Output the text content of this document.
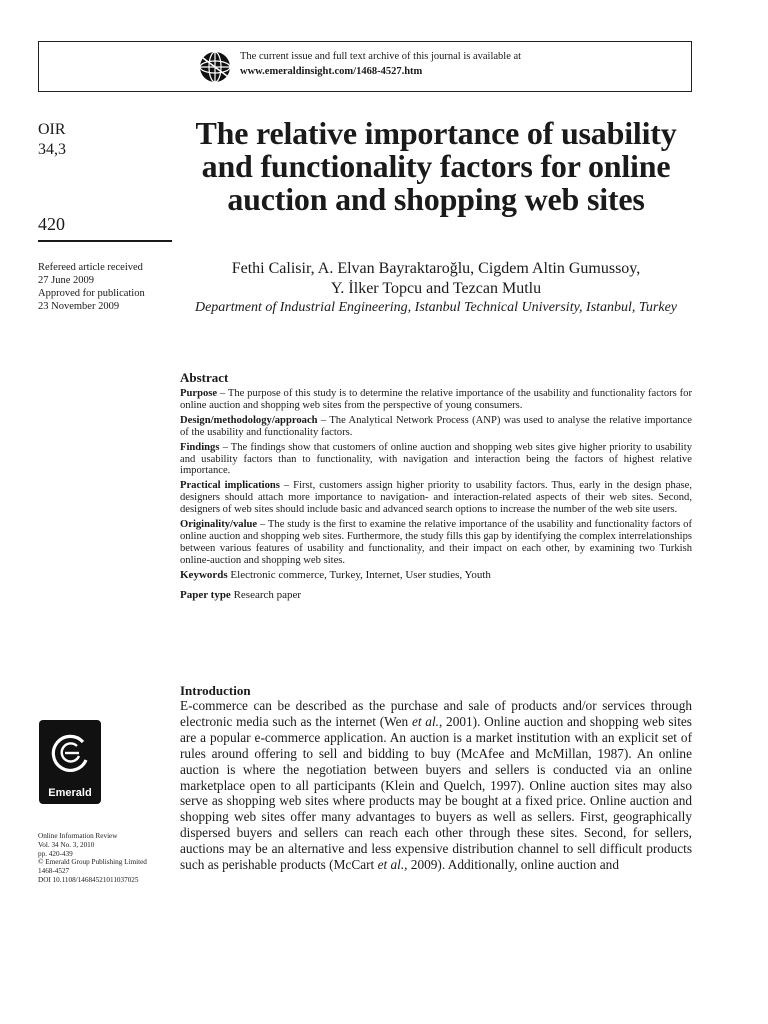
The current issue and full text archive of this journal is available at
www.emeraldinsight.com/1468-4527.htm
OIR
34,3
420
Refereed article received
27 June 2009
Approved for publication
23 November 2009
Emerald
Online Information Review
Vol. 34 No. 3, 2010
pp. 420-439
© Emerald Group Publishing Limited
1468-4527
DOI 10.1108/14684521011037025
The relative importance of usability and functionality factors for online auction and shopping web sites
Fethi Calisir, A. Elvan Bayraktaroğlu, Cigdem Altin Gumussoy,
Y. İlker Topcu and Tezcan Mutlu
Department of Industrial Engineering, Istanbul Technical University, Istanbul, Turkey
Abstract

Purpose – The purpose of this study is to determine the relative importance of the usability and functionality factors for online auction and shopping web sites from the perspective of young consumers.

Design/methodology/approach – The Analytical Network Process (ANP) was used to analyse the relative importance of the usability and functionality factors.

Findings – The findings show that customers of online auction and shopping web sites give higher priority to usability and usability factors than to functionality, with navigation and interaction being the factors of highest relative importance.

Practical implications – First, customers assign higher priority to usability factors. Thus, early in the design phase, designers should attach more importance to navigation- and interaction-related aspects of their web sites. Second, designers of web sites should include basic and advanced search options to increase the number of the web site users.

Originality/value – The study is the first to examine the relative importance of the usability and functionality factors of online auction and shopping web sites. Furthermore, the study fills this gap by identifying the complex interrelationships between various features of usability and functionality, and their impact on each other, by examining two Turkish online-auction and shopping web sites.

Keywords Electronic commerce, Turkey, Internet, User studies, Youth
Paper type Research paper
Introduction
E-commerce can be described as the purchase and sale of products and/or services through electronic media such as the internet (Wen et al., 2001). Online auction and shopping web sites are a popular e-commerce application. An auction is a market institution with an explicit set of rules around offering to sell and bidding to buy (McAfee and McMillan, 1987). An online auction is where the negotiation between buyers and sellers is conducted via an online marketplace open to all participants (Klein and Quelch, 1997). Online auction sites may also serve as shopping web sites where products may be bought at a fixed price. Online auction and shopping web sites offer many advantages to buyers as well as sellers. First, geographically dispersed buyers and sellers can reach each other through these sites. Second, for sellers, auctions may be an alternative and less expensive distribution channel to sell difficult products such as perishable products (McCart et al., 2009). Additionally, online auction and
